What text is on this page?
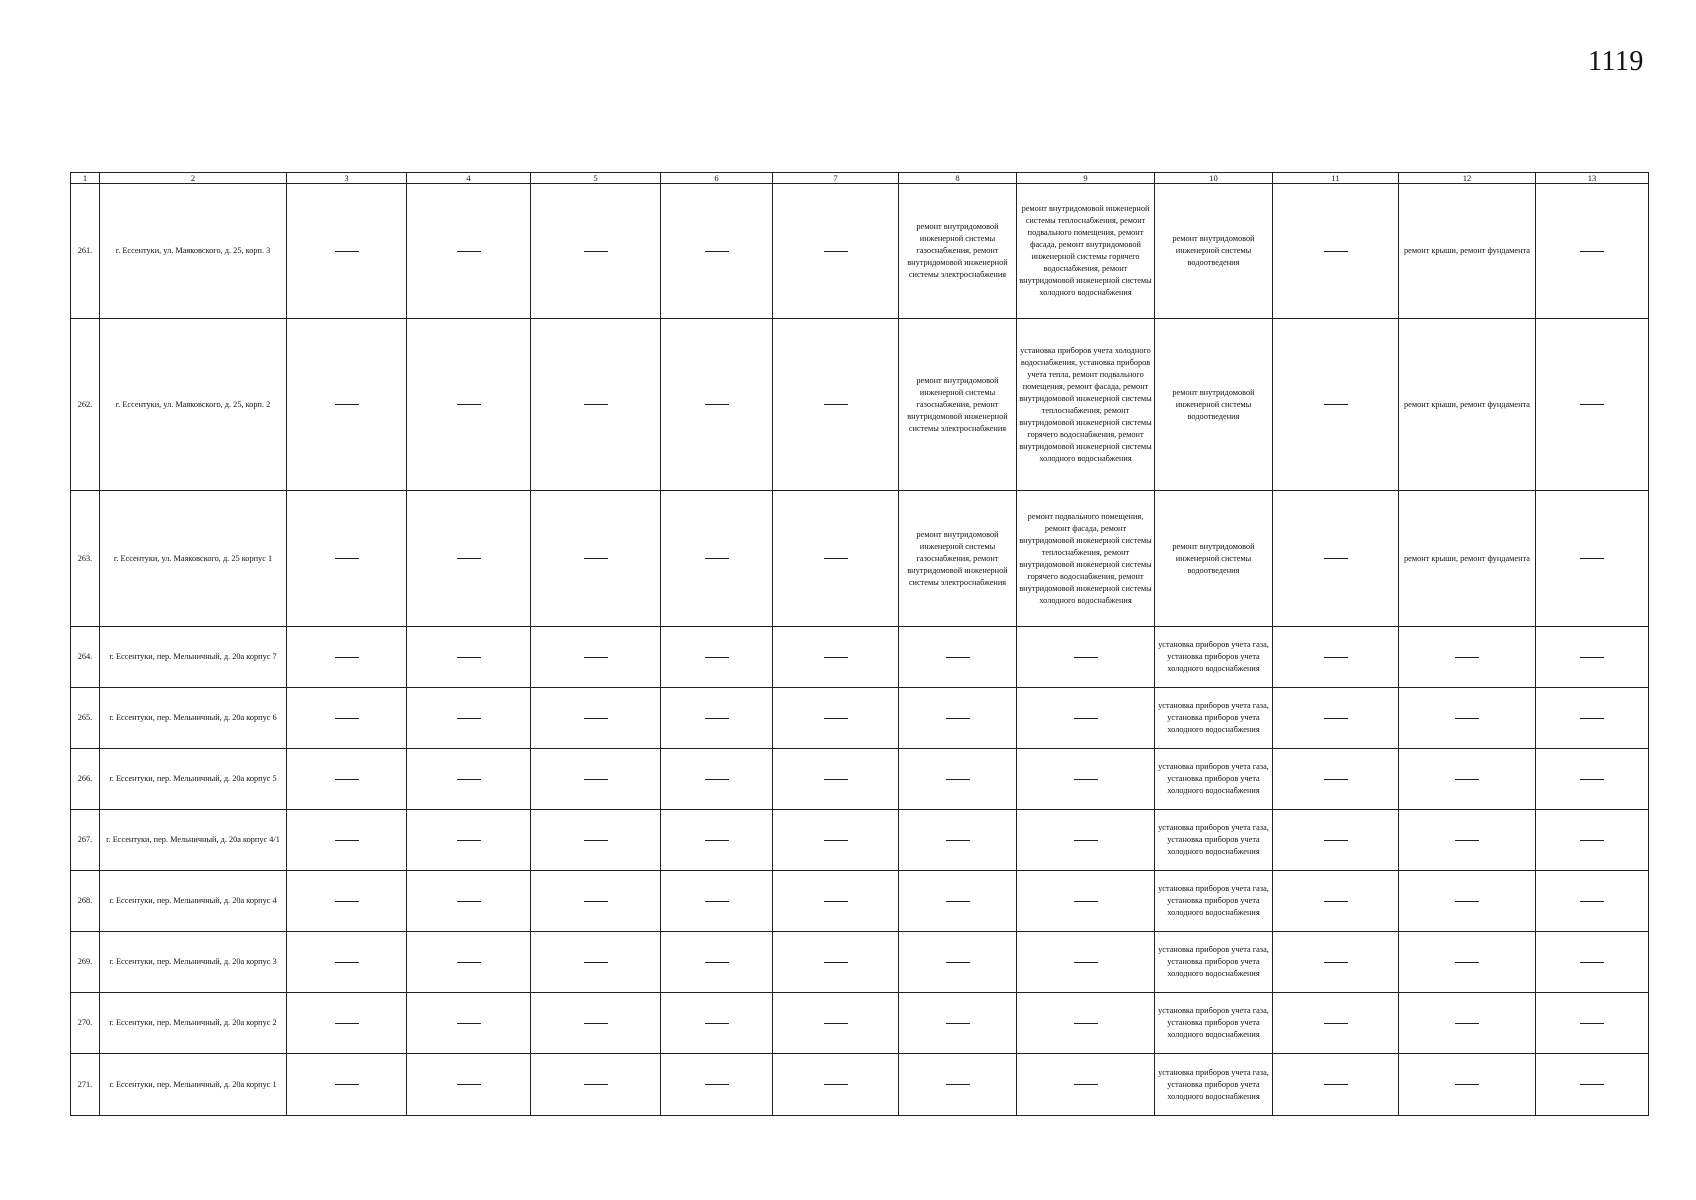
1119
1	2	3	4	5	6	7	8	9	10	11	12	13
261.	г. Ессентуки, ул. Маяковского, д. 25, корп. 3						ремонт внутридомовой инженерной системы газоснабжения, ремонт внутридомовой инженерной системы электроснабжения	ремонт внутридомовой инженерной системы теплоснабжения, ремонт подвального помещения, ремонт фасада, ремонт внутридомовой инженерной системы горячего водоснабжения, ремонт внутридомовой инженерной системы холодного водоснабжения	ремонт внутридомовой инженерной системы водоотведения		ремонт крыши, ремонт фундамента	
262.	г. Ессентуки, ул. Маяковского, д. 25, корп. 2						ремонт внутридомовой инженерной системы газоснабжения, ремонт внутридомовой инженерной системы электроснабжения	установка приборов учета холодного водоснабжения, установка приборов учета тепла, ремонт подвального помещения, ремонт фасада, ремонт внутридомовой инженерной системы теплоснабжения, ремонт внутридомовой инженерной системы горячего водоснабжения, ремонт внутридомовой инженерной системы холодного водоснабжения	ремонт внутридомовой инженерной системы водоотведения		ремонт крыши, ремонт фундамента	
263.	г. Ессентуки, ул. Маяковского, д. 25 корпус 1						ремонт внутридомовой инженерной системы газоснабжения, ремонт внутридомовой инженерной системы электроснабжения	ремонт подвального помещения, ремонт фасада, ремонт внутридомовой инженерной системы теплоснабжения, ремонт внутридомовой инженерной системы горячего водоснабжения, ремонт внутридомовой инженерной системы холодного водоснабжения	ремонт внутридомовой инженерной системы водоотведения		ремонт крыши, ремонт фундамента	
264.	г. Ессентуки, пер. Мельничный, д. 20а корпус 7								установка приборов учета газа, установка приборов учета холодного водоснабжения			
265.	г. Ессентуки, пер. Мельничный, д. 20а корпус 6								установка приборов учета газа, установка приборов учета холодного водоснабжения			
266.	г. Ессентуки, пер. Мельничный, д. 20а корпус 5								установка приборов учета газа, установка приборов учета холодного водоснабжения			
267.	г. Ессентуки, пер. Мельничный, д. 20а корпус 4/1								установка приборов учета газа, установка приборов учета холодного водоснабжения			
268.	г. Ессентуки, пер. Мельничный, д. 20а корпус 4								установка приборов учета газа, установка приборов учета холодного водоснабжения			
269.	г. Ессентуки, пер. Мельничный, д. 20а корпус 3								установка приборов учета газа, установка приборов учета холодного водоснабжения			
270.	г. Ессентуки, пер. Мельничный, д. 20а корпус 2								установка приборов учета газа, установка приборов учета холодного водоснабжения			
271.	г. Ессентуки, пер. Мельничный, д. 20а корпус 1								установка приборов учета газа, установка приборов учета холодного водоснабжения			
